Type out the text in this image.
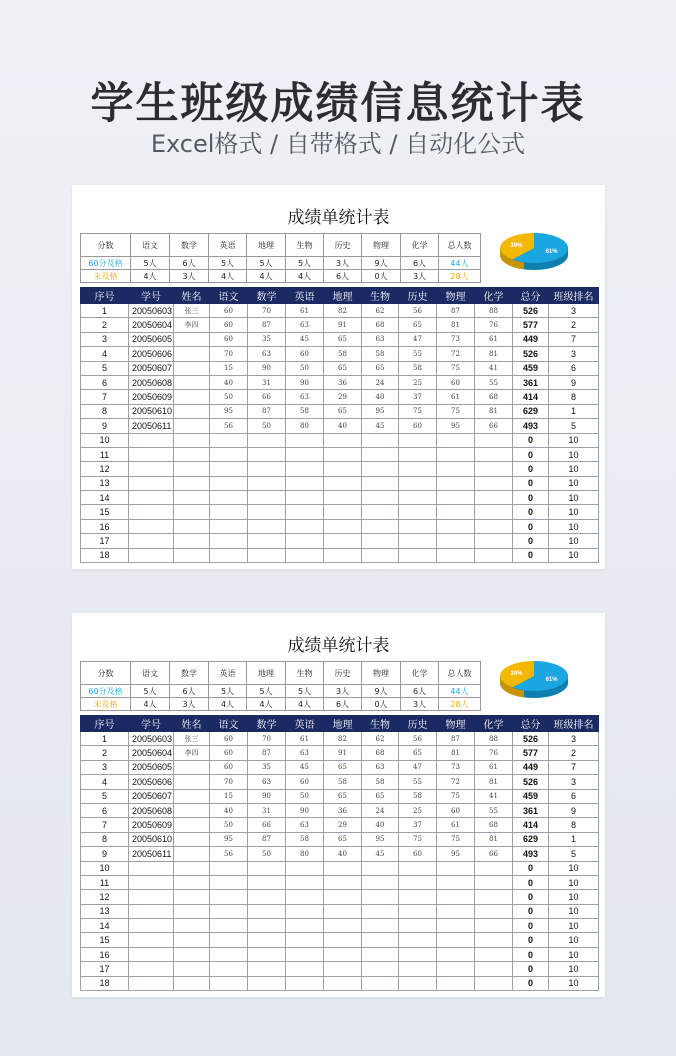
学生班级成绩信息统计表
Excel格式 / 自带格式 / 自动化公式
成绩单统计表
分数	语文	数学	英语	地理	生物	历史	物理	化学	总人数
60分及格	5人	6人	5人	5人	5人	3人	9人	6人	44人
未及格	4人	3人	4人	4人	4人	6人	0人	3人	28人
61%
39%
序号	学号	姓名	语文	数学	英语	地理	生物	历史	物理	化学	总分	班级排名
1	20050603	张三	60	70	61	82	62	56	87	88	526	3
2	20050604	李四	60	87	63	91	68	65	81	76	577	2
3	20050605		60	35	45	65	63	47	73	61	449	7
4	20050606		70	63	60	58	58	55	72	81	526	3
5	20050607		15	90	50	65	65	58	75	41	459	6
6	20050608		40	31	90	36	24	25	60	55	361	9
7	20050609		50	66	63	29	40	37	61	68	414	8
8	20050610		95	87	58	65	95	75	75	81	629	1
9	20050611		56	50	80	40	45	60	95	66	493	5
10											0	10
11											0	10
12											0	10
13											0	10
14											0	10
15											0	10
16											0	10
17											0	10
18											0	10
成绩单统计表
分数	语文	数学	英语	地理	生物	历史	物理	化学	总人数
60分及格	5人	6人	5人	5人	5人	3人	9人	6人	44人
未及格	4人	3人	4人	4人	4人	6人	0人	3人	28人
61%
39%
序号	学号	姓名	语文	数学	英语	地理	生物	历史	物理	化学	总分	班级排名
1	20050603	张三	60	70	61	82	62	56	87	88	526	3
2	20050604	李四	60	87	63	91	68	65	81	76	577	2
3	20050605		60	35	45	65	63	47	73	61	449	7
4	20050606		70	63	60	58	58	55	72	81	526	3
5	20050607		15	90	50	65	65	58	75	41	459	6
6	20050608		40	31	90	36	24	25	60	55	361	9
7	20050609		50	66	63	29	40	37	61	68	414	8
8	20050610		95	87	58	65	95	75	75	81	629	1
9	20050611		56	50	80	40	45	60	95	66	493	5
10											0	10
11											0	10
12											0	10
13											0	10
14											0	10
15											0	10
16											0	10
17											0	10
18											0	10
